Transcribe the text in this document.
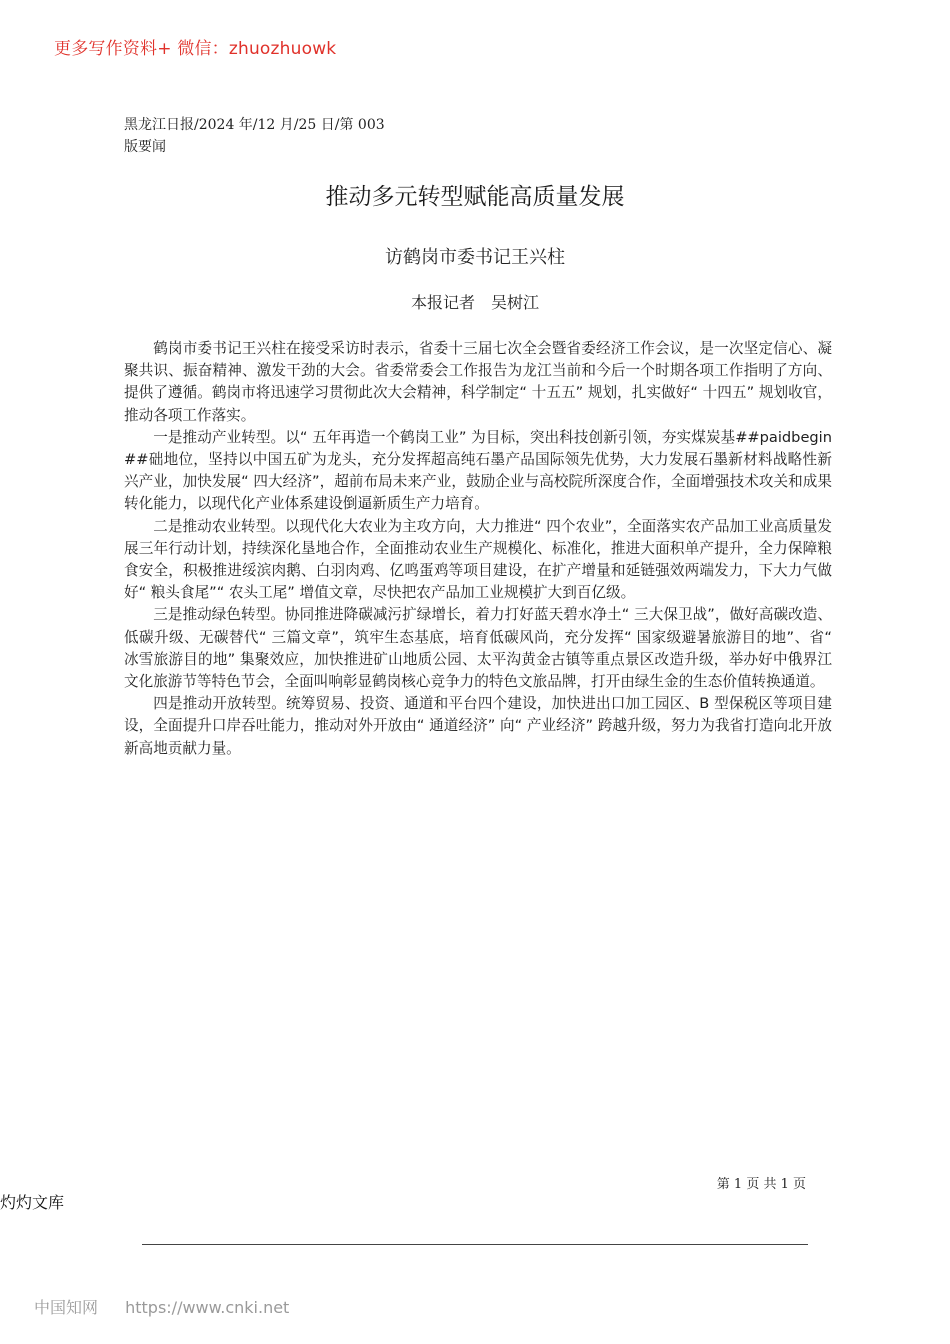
更多写作资料+ 微信：zhuozhuowk
黑龙江日报/2024 年/12 月/25 日/第 003
版要闻
推动多元转型赋能高质量发展
访鹤岗市委书记王兴柱
本报记者　吴树江

鹤岗市委书记王兴柱在接受采访时表示，省委十三届七次全会暨省委经济工作会议，是一次坚定信心、凝聚共识、振奋精神、激发干劲的大会。省委常委会工作报告为龙江当前和今后一个时期各项工作指明了方向、提供了遵循。鹤岗市将迅速学习贯彻此次大会精神，科学制定“ 十五五” 规划，扎实做好“ 十四五” 规划收官，推动各项工作落实。

一是推动产业转型。以“ 五年再造一个鹤岗工业” 为目标，突出科技创新引领，夯实煤炭基##paidbegin##础地位，坚持以中国五矿为龙头，充分发挥超高纯石墨产品国际领先优势，大力发展石墨新材料战略性新兴产业，加快发展“ 四大经济”，超前布局未来产业，鼓励企业与高校院所深度合作，全面增强技术攻关和成果转化能力，以现代化产业体系建设倒逼新质生产力培育。

二是推动农业转型。以现代化大农业为主攻方向，大力推进“ 四个农业”，全面落实农产品加工业高质量发展三年行动计划，持续深化垦地合作，全面推动农业生产规模化、标准化，推进大面积单产提升，全力保障粮食安全，积极推进绥滨肉鹅、白羽肉鸡、亿鸣蛋鸡等项目建设，在扩产增量和延链强效两端发力，下大力气做好“ 粮头食尾”“ 农头工尾” 增值文章，尽快把农产品加工业规模扩大到百亿级。

三是推动绿色转型。协同推进降碳减污扩绿增长，着力打好蓝天碧水净土“ 三大保卫战”，做好高碳改造、低碳升级、无碳替代“ 三篇文章”，筑牢生态基底，培育低碳风尚，充分发挥“ 国家级避暑旅游目的地”、省“ 冰雪旅游目的地” 集聚效应，加快推进矿山地质公园、太平沟黄金古镇等重点景区改造升级，举办好中俄界江文化旅游节等特色节会，全面叫响彰显鹤岗核心竞争力的特色文旅品牌，打开由绿生金的生态价值转换通道。

四是推动开放转型。统筹贸易、投资、通道和平台四个建设，加快进出口加工园区、B 型保税区等项目建设，全面提升口岸吞吐能力，推动对外开放由“ 通道经济” 向“ 产业经济” 跨越升级，努力为我省打造向北开放新高地贡献力量。

第 1 页 共 1 页
灼灼文库
中国知网 https://www.cnki.net
